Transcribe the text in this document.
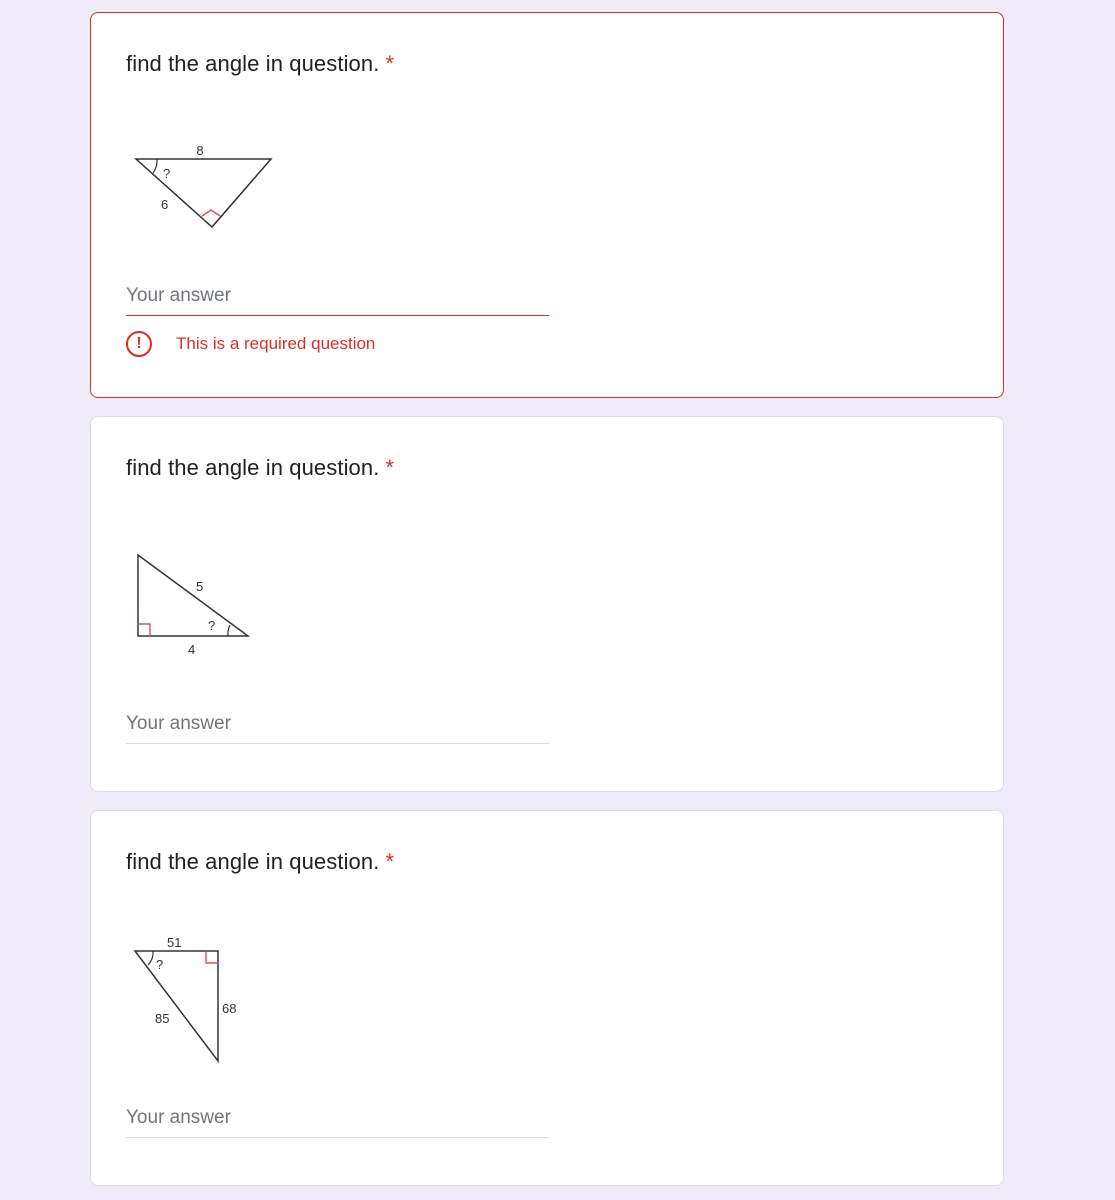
find the angle in question. *
8
?
6
Your answer
!	This is a required question
find the angle in question. *
5
?
4
Your answer
find the angle in question. *
51
?
85
68
Your answer
